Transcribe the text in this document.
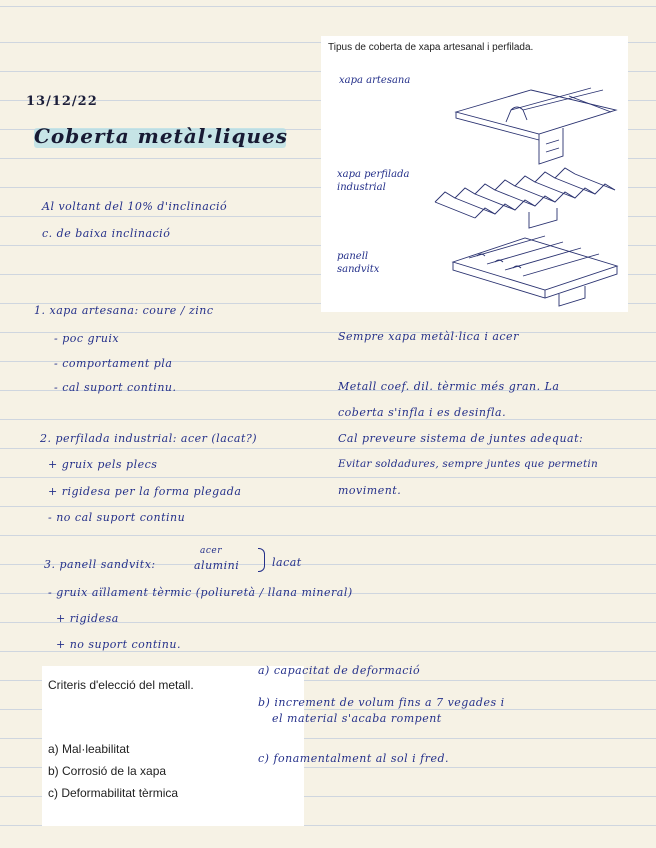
13/12/22
Coberta metàl·liques
Al voltant del 10% d'inclinació
c. de baixa inclinació
1. xapa artesana: coure / zinc
- poc gruix
- comportament pla
- cal suport continu.
2. perfilada industrial: acer (lacat?)
+ gruix pels plecs
+ rigidesa per la forma plegada
- no cal suport continu
3. panell sandvitx:
acer
alumini	lacat
- gruix aïllament tèrmic (poliuretà / llana mineral)
+ rigidesa
+ no suport continu.
Tipus de coberta de xapa artesanal i perfilada.
xapa artesana
xapa perfilada industrial
panell sandvitx
Sempre xapa metàl·lica i acer
Metall coef. dil. tèrmic més gran. La
coberta s'infla i es desinfla.
Cal preveure sistema de juntes adequat:
Evitar soldadures, sempre juntes que permetin
moviment.
Criteris d'elecció del metall.
a) Mal·leabilitat
b) Corrosió de la xapa
c) Deformabilitat tèrmica
a) capacitat de deformació
b) increment de volum fins a 7 vegades i
el material s'acaba rompent
c) fonamentalment al sol i fred.
